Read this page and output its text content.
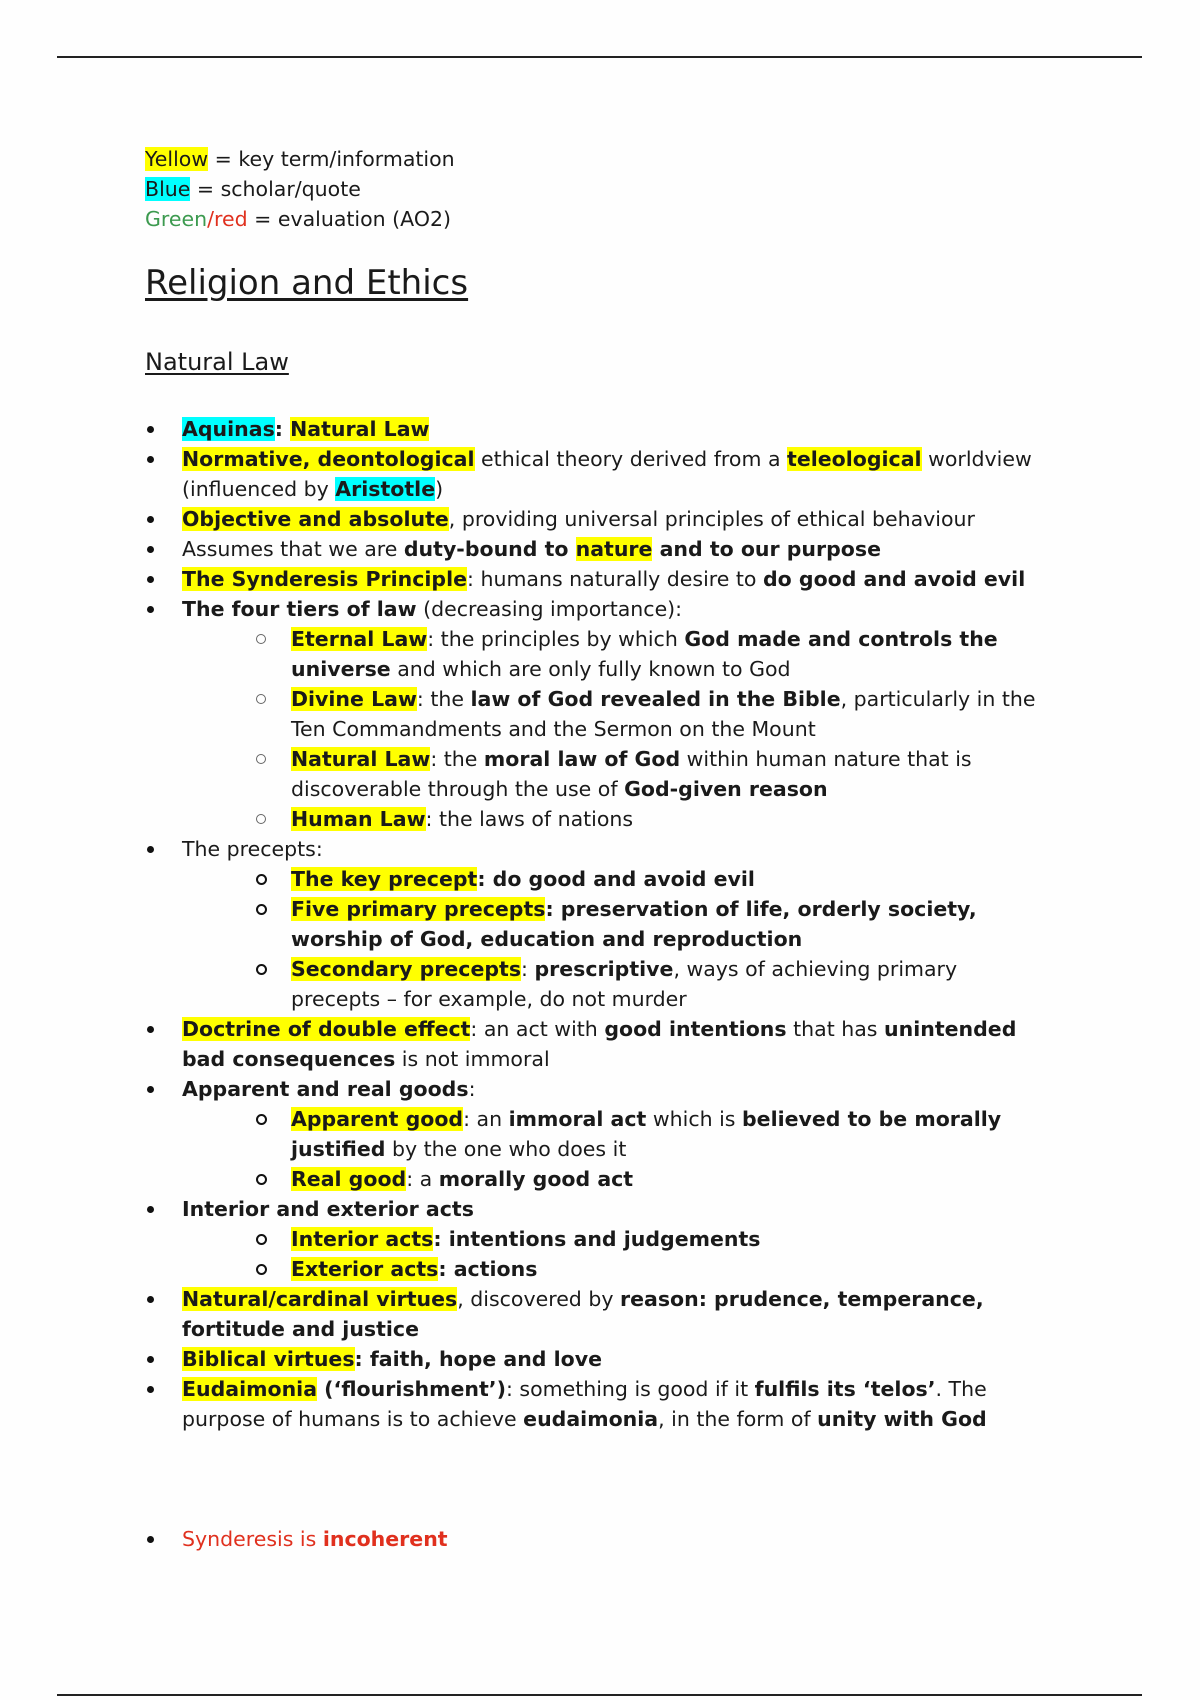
Yellow = key term/information
Blue = scholar/quote
Green/red = evaluation (AO2)
Religion and Ethics
Natural Law
Aquinas: Natural Law
Normative, deontological ethical theory derived from a teleological worldview (influenced by Aristotle)
Objective and absolute, providing universal principles of ethical behaviour
Assumes that we are duty-bound to nature and to our purpose
The Synderesis Principle: humans naturally desire to do good and avoid evil
The four tiers of law (decreasing importance):
Eternal Law: the principles by which God made and controls the universe and which are only fully known to God
Divine Law: the law of God revealed in the Bible, particularly in the Ten Commandments and the Sermon on the Mount
Natural Law: the moral law of God within human nature that is discoverable through the use of God-given reason
Human Law: the laws of nations
The precepts:
The key precept: do good and avoid evil
Five primary precepts: preservation of life, orderly society, worship of God, education and reproduction
Secondary precepts: prescriptive, ways of achieving primary precepts – for example, do not murder
Doctrine of double effect: an act with good intentions that has unintended bad consequences is not immoral
Apparent and real goods:
Apparent good: an immoral act which is believed to be morally justified by the one who does it
Real good: a morally good act
Interior and exterior acts
Interior acts: intentions and judgements
Exterior acts: actions
Natural/cardinal virtues, discovered by reason: prudence, temperance, fortitude and justice
Biblical virtues: faith, hope and love
Eudaimonia (‘flourishment’): something is good if it fulfils its ‘telos’. The purpose of humans is to achieve eudaimonia, in the form of unity with God
Synderesis is incoherent
